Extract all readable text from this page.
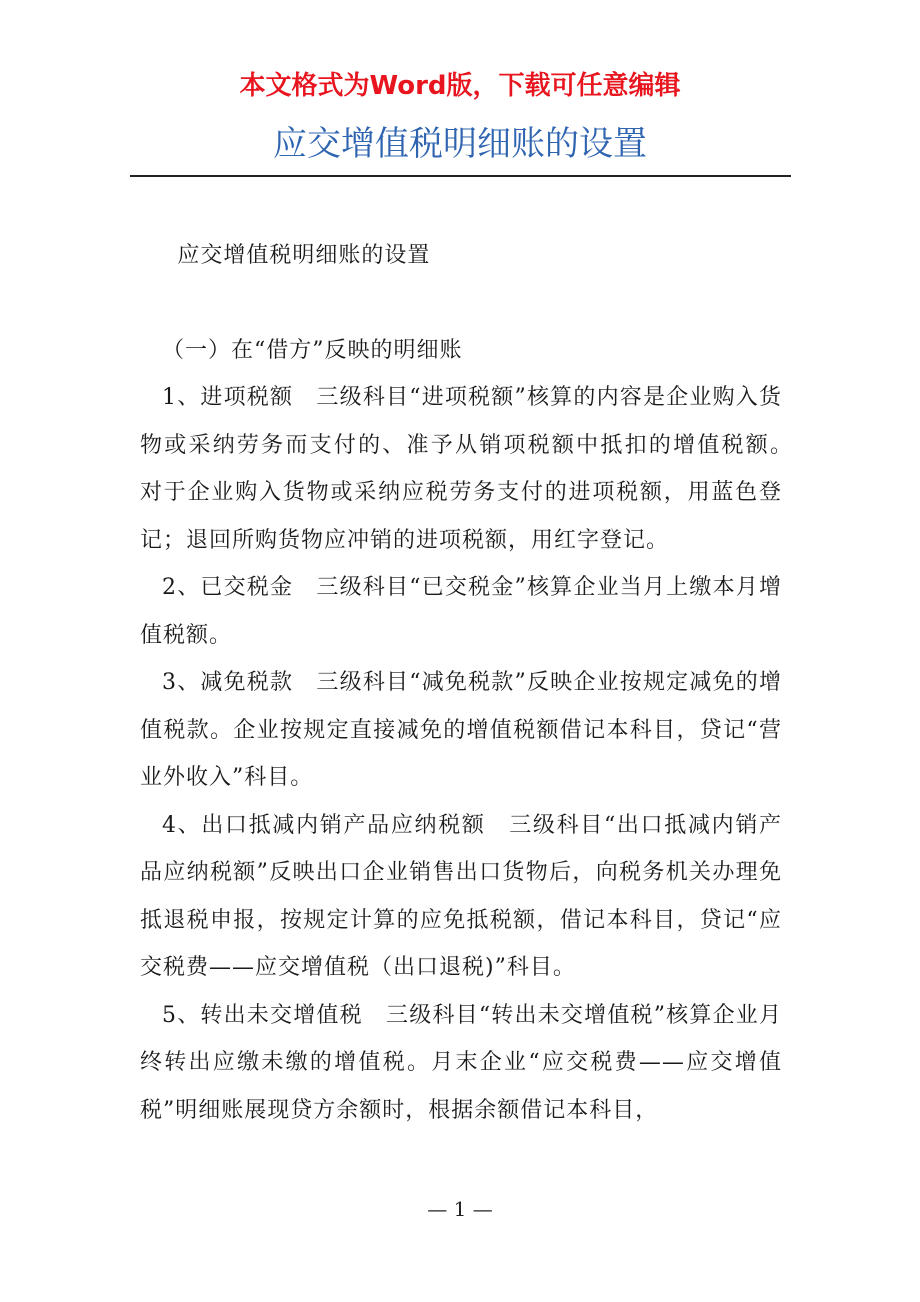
本文格式为Word版，下载可任意编辑
应交增值税明细账的设置

应交增值税明细账的设置

（一）在“借方”反映的明细账

1、进项税额　三级科目“进项税额”核算的内容是企业购入货物或采纳劳务而支付的、准予从销项税额中抵扣的增值税额。　对于企业购入货物或采纳应税劳务支付的进项税额，用蓝色登记；退回所购货物应冲销的进项税额，用红字登记。

2、已交税金　三级科目“已交税金”核算企业当月上缴本月增值税额。

3、减免税款　三级科目“减免税款”反映企业按规定减免的增值税款。企业按规定直接减免的增值税额借记本科目，贷记“营业外收入”科目。

4、出口抵减内销产品应纳税额　三级科目“出口抵减内销产品应纳税额”反映出口企业销售出口货物后，向税务机关办理免抵退税申报，按规定计算的应免抵税额，借记本科目，贷记“应交税费——应交增值税（出口退税)”科目。

5、转出未交增值税　三级科目“转出未交增值税”核算企业月终转出应缴未缴的增值税。月末企业“应交税费——应交增值税”明细账展现贷方余额时，根据余额借记本科目，

— 1 —
